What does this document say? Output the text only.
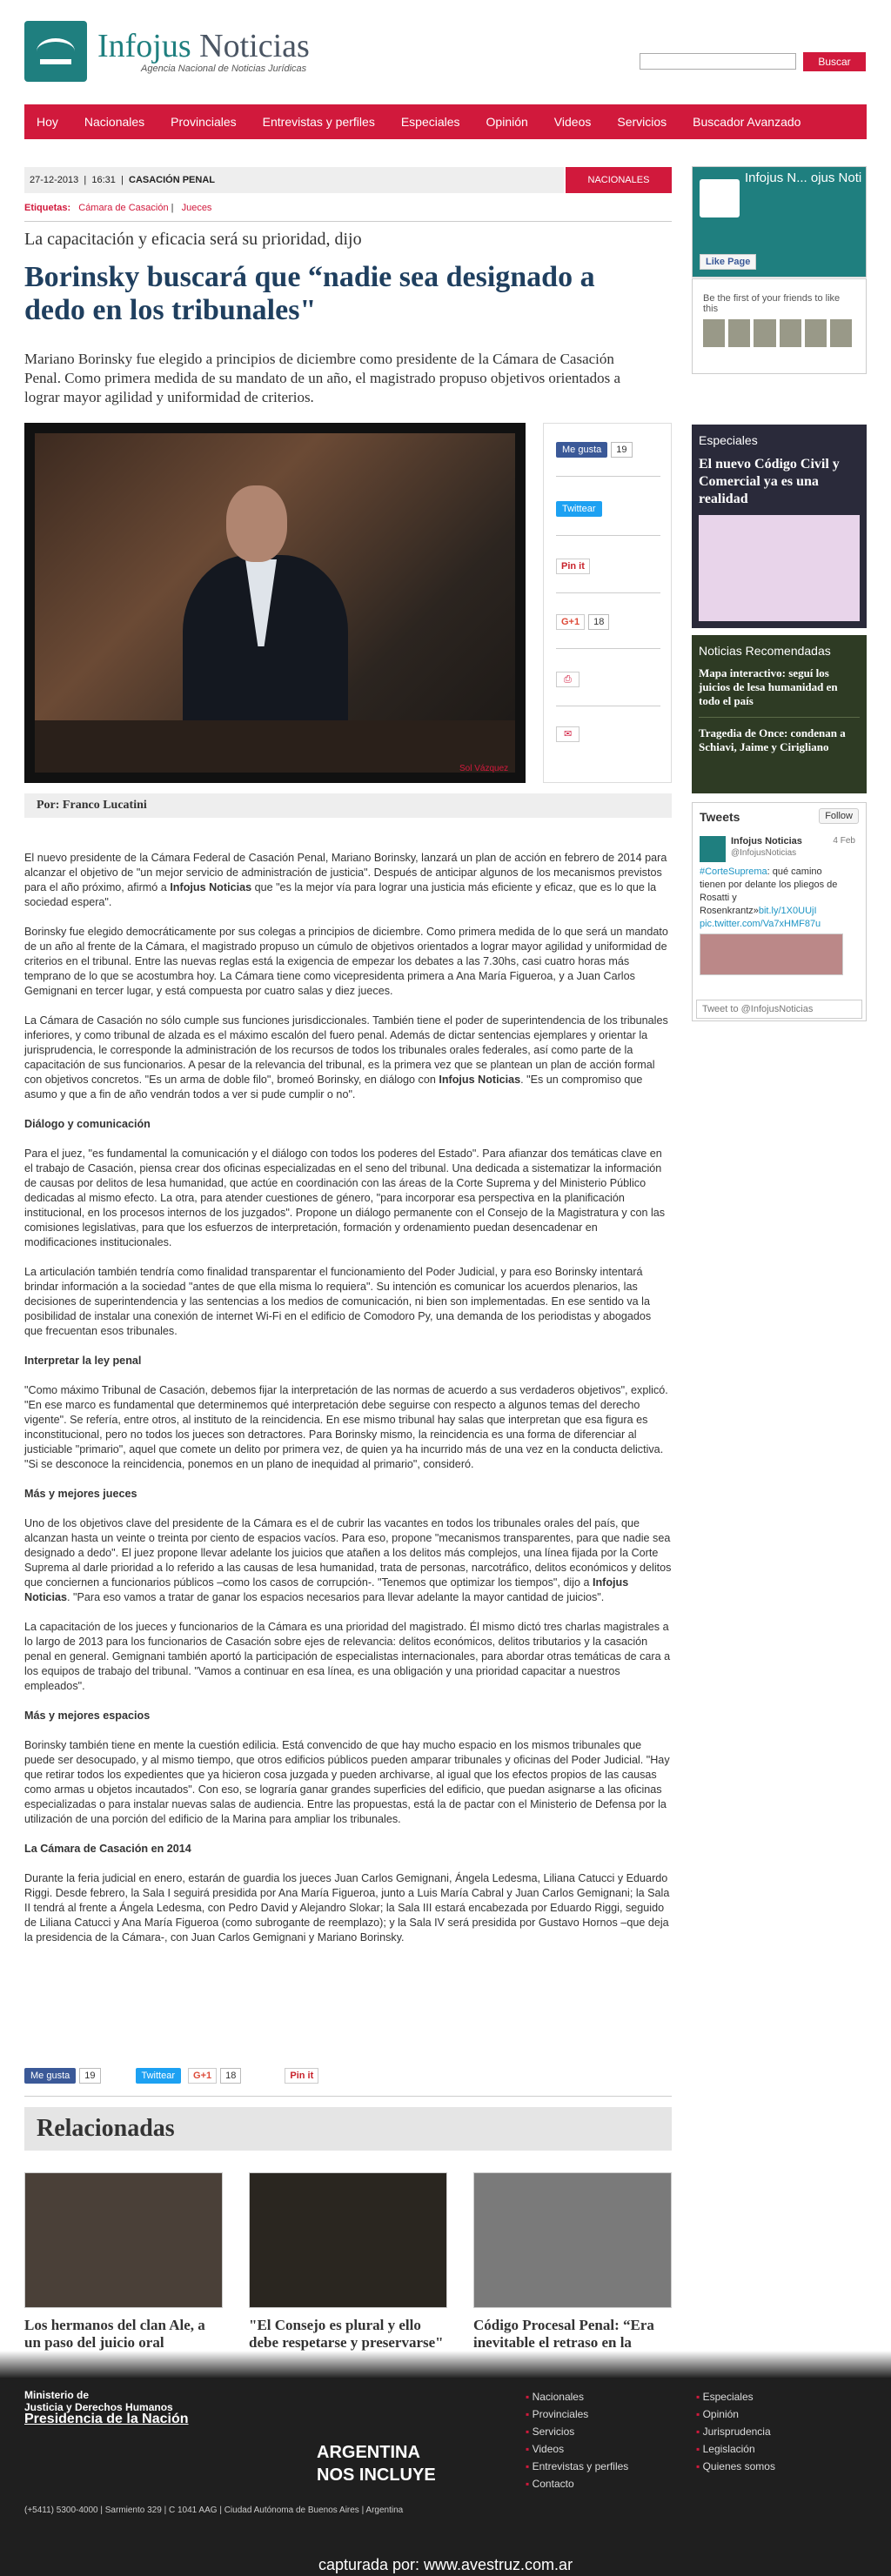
Infojus Noticias
Agencia Nacional de Noticias Jurídicas
Buscar
Hoy Nacionales Provinciales Entrevistas y perfiles Especiales Opinión Videos Servicios Buscador Avanzado
27-12-2013  |  16:31  |  CASACIÓN PENAL	NACIONALES
Etiquetas: Cámara de Casación | Jueces
La capacitación y eficacia será su prioridad, dijo
Borinsky buscará que “nadie sea designado a dedo en los tribunales"
Mariano Borinsky fue elegido a principios de diciembre como presidente de la Cámara de Casación Penal. Como primera medida de su mandato de un año, el magistrado propuso objetivos orientados a lograr mayor agilidad y uniformidad de criterios.
Sol Vázquez
Me gusta 19
Twittear
Pin it
G+1 18
⎙
✉
Por: Franco Lucatini

El nuevo presidente de la Cámara Federal de Casación Penal, Mariano Borinsky, lanzará un plan de acción en febrero de 2014 para alcanzar el objetivo de "un mejor servicio de administración de justicia". Después de anticipar algunos de los mecanismos previstos para el año próximo, afirmó a Infojus Noticias que "es la mejor vía para lograr una justicia más eficiente y eficaz, que es lo que la sociedad espera".

Borinsky fue elegido democráticamente por sus colegas a principios de diciembre. Como primera medida de lo que será un mandato de un año al frente de la Cámara, el magistrado propuso un cúmulo de objetivos orientados a lograr mayor agilidad y uniformidad de criterios en el tribunal. Entre las nuevas reglas está la exigencia de empezar los debates a las 7.30hs, casi cuatro horas más temprano de lo que se acostumbra hoy. La Cámara tiene como vicepresidenta primera a Ana María Figueroa, y a Juan Carlos Gemignani en tercer lugar, y está compuesta por cuatro salas y diez jueces.

La Cámara de Casación no sólo cumple sus funciones jurisdiccionales. También tiene el poder de superintendencia de los tribunales inferiores, y como tribunal de alzada es el máximo escalón del fuero penal. Además de dictar sentencias ejemplares y orientar la jurisprudencia, le corresponde la administración de los recursos de todos los tribunales orales federales, así como parte de la capacitación de sus funcionarios. A pesar de la relevancia del tribunal, es la primera vez que se plantean un plan de acción formal con objetivos concretos. "Es un arma de doble filo", bromeó Borinsky, en diálogo con Infojus Noticias. "Es un compromiso que asumo y que a fin de año vendrán todos a ver si pude cumplir o no".

Diálogo y comunicación

Para el juez, "es fundamental la comunicación y el diálogo con todos los poderes del Estado". Para afianzar dos temáticas clave en el trabajo de Casación, piensa crear dos oficinas especializadas en el seno del tribunal. Una dedicada a sistematizar la información de causas por delitos de lesa humanidad, que actúe en coordinación con las áreas de la Corte Suprema y del Ministerio Público dedicadas al mismo efecto. La otra, para atender cuestiones de género, "para incorporar esa perspectiva en la planificación institucional, en los procesos internos de los juzgados". Propone un diálogo permanente con el Consejo de la Magistratura y con las comisiones legislativas, para que los esfuerzos de interpretación, formación y ordenamiento puedan desencadenar en modificaciones institucionales.

La articulación también tendría como finalidad transparentar el funcionamiento del Poder Judicial, y para eso Borinsky intentará brindar información a la sociedad "antes de que ella misma lo requiera". Su intención es comunicar los acuerdos plenarios, las decisiones de superintendencia y las sentencias a los medios de comunicación, ni bien son implementadas. En ese sentido va la posibilidad de instalar una conexión de internet Wi-Fi en el edificio de Comodoro Py, una demanda de los periodistas y abogados que frecuentan esos tribunales.

Interpretar la ley penal

"Como máximo Tribunal de Casación, debemos fijar la interpretación de las normas de acuerdo a sus verdaderos objetivos", explicó. "En ese marco es fundamental que determinemos qué interpretación debe seguirse con respecto a algunos temas del derecho vigente". Se refería, entre otros, al instituto de la reincidencia. En ese mismo tribunal hay salas que interpretan que esa figura es inconstitucional, pero no todos los jueces son detractores. Para Borinsky mismo, la reincidencia es una forma de diferenciar al justiciable "primario", aquel que comete un delito por primera vez, de quien ya ha incurrido más de una vez en la conducta delictiva. "Si se desconoce la reincidencia, ponemos en un plano de inequidad al primario", consideró.

Más y mejores jueces

Uno de los objetivos clave del presidente de la Cámara es el de cubrir las vacantes en todos los tribunales orales del país, que alcanzan hasta un veinte o treinta por ciento de espacios vacíos. Para eso, propone "mecanismos transparentes, para que nadie sea designado a dedo". El juez propone llevar adelante los juicios que atañen a los delitos más complejos, una línea fijada por la Corte Suprema al darle prioridad a lo referido a las causas de lesa humanidad, trata de personas, narcotráfico, delitos económicos y delitos que conciernen a funcionarios públicos –como los casos de corrupción-. "Tenemos que optimizar los tiempos", dijo a Infojus Noticias. "Para eso vamos a tratar de ganar los espacios necesarios para llevar adelante la mayor cantidad de juicios".

La capacitación de los jueces y funcionarios de la Cámara es una prioridad del magistrado. Él mismo dictó tres charlas magistrales a lo largo de 2013 para los funcionarios de Casación sobre ejes de relevancia: delitos económicos, delitos tributarios y la casación penal en general. Gemignani también aportó la participación de especialistas internacionales, para abordar otras temáticas de cara a los equipos de trabajo del tribunal. "Vamos a continuar en esa línea, es una obligación y una prioridad capacitar a nuestros empleados".

Más y mejores espacios

Borinsky también tiene en mente la cuestión edilicia. Está convencido de que hay mucho espacio en los mismos tribunales que puede ser desocupado, y al mismo tiempo, que otros edificios públicos pueden amparar tribunales y oficinas del Poder Judicial. "Hay que retirar todos los expedientes que ya hicieron cosa juzgada y pueden archivarse, al igual que los efectos propios de las causas como armas u objetos incautados". Con eso, se lograría ganar grandes superficies del edificio, que puedan asignarse a las oficinas especializadas o para instalar nuevas salas de audiencia. Entre las propuestas, está la de pactar con el Ministerio de Defensa por la utilización de una porción del edificio de la Marina para ampliar los tribunales.

La Cámara de Casación en 2014

Durante la feria judicial en enero, estarán de guardia los jueces Juan Carlos Gemignani, Ángela Ledesma, Liliana Catucci y Eduardo Riggi. Desde febrero, la Sala I seguirá presidida por Ana María Figueroa, junto a Luis María Cabral y Juan Carlos Gemignani; la Sala II tendrá al frente a Ángela Ledesma, con Pedro David y Alejandro Slokar; la Sala III estará encabezada por Eduardo Riggi, seguido de Liliana Catucci y Ana María Figueroa (como subrogante de reemplazo); y la Sala IV será presidida por Gustavo Hornos –que deja la presidencia de la Cámara-, con Juan Carlos Gemignani y Mariano Borinsky.

Me gusta	19	Twittear	G+1	18	Pin it
Relacionadas
Los hermanos del clan Ale, a un paso del juicio oral
"El Consejo es plural y ello debe respetarse y preservarse"
Código Procesal Penal: “Era inevitable el retraso en la
Infojus N... ojus Noti
Like Page
Be the first of your friends to like this
Especiales
El nuevo Código Civil y Comercial ya es una realidad
Noticias Recomendadas
Mapa interactivo: seguí los juicios de lesa humanidad en todo el país
Tragedia de Once: condenan a Schiavi, Jaime y Cirigliano
Tweets	Follow
Infojus Noticias
@InfojusNoticias
4 Feb
#CorteSuprema: qué camino tienen por delante los pliegos de Rosatti y Rosenkrantz»bit.ly/1X0UUjI pic.twitter.com/Va7xHMF87u
Tweet to @InfojusNoticias
Ministerio de
Justicia y Derechos Humanos
Presidencia de la Nación
(+5411) 5300-4000 | Sarmiento 329 | C 1041 AAG | Ciudad Autónoma de Buenos Aires | Argentina
ARGENTINA
NOS INCLUYE
▪ Nacionales
▪ Provinciales
▪ Servicios
▪ Videos
▪ Entrevistas y perfiles
▪ Contacto
▪ Especiales
▪ Opinión
▪ Jurisprudencia
▪ Legislación
▪ Quienes somos
capturada por: www.avestruz.com.ar
